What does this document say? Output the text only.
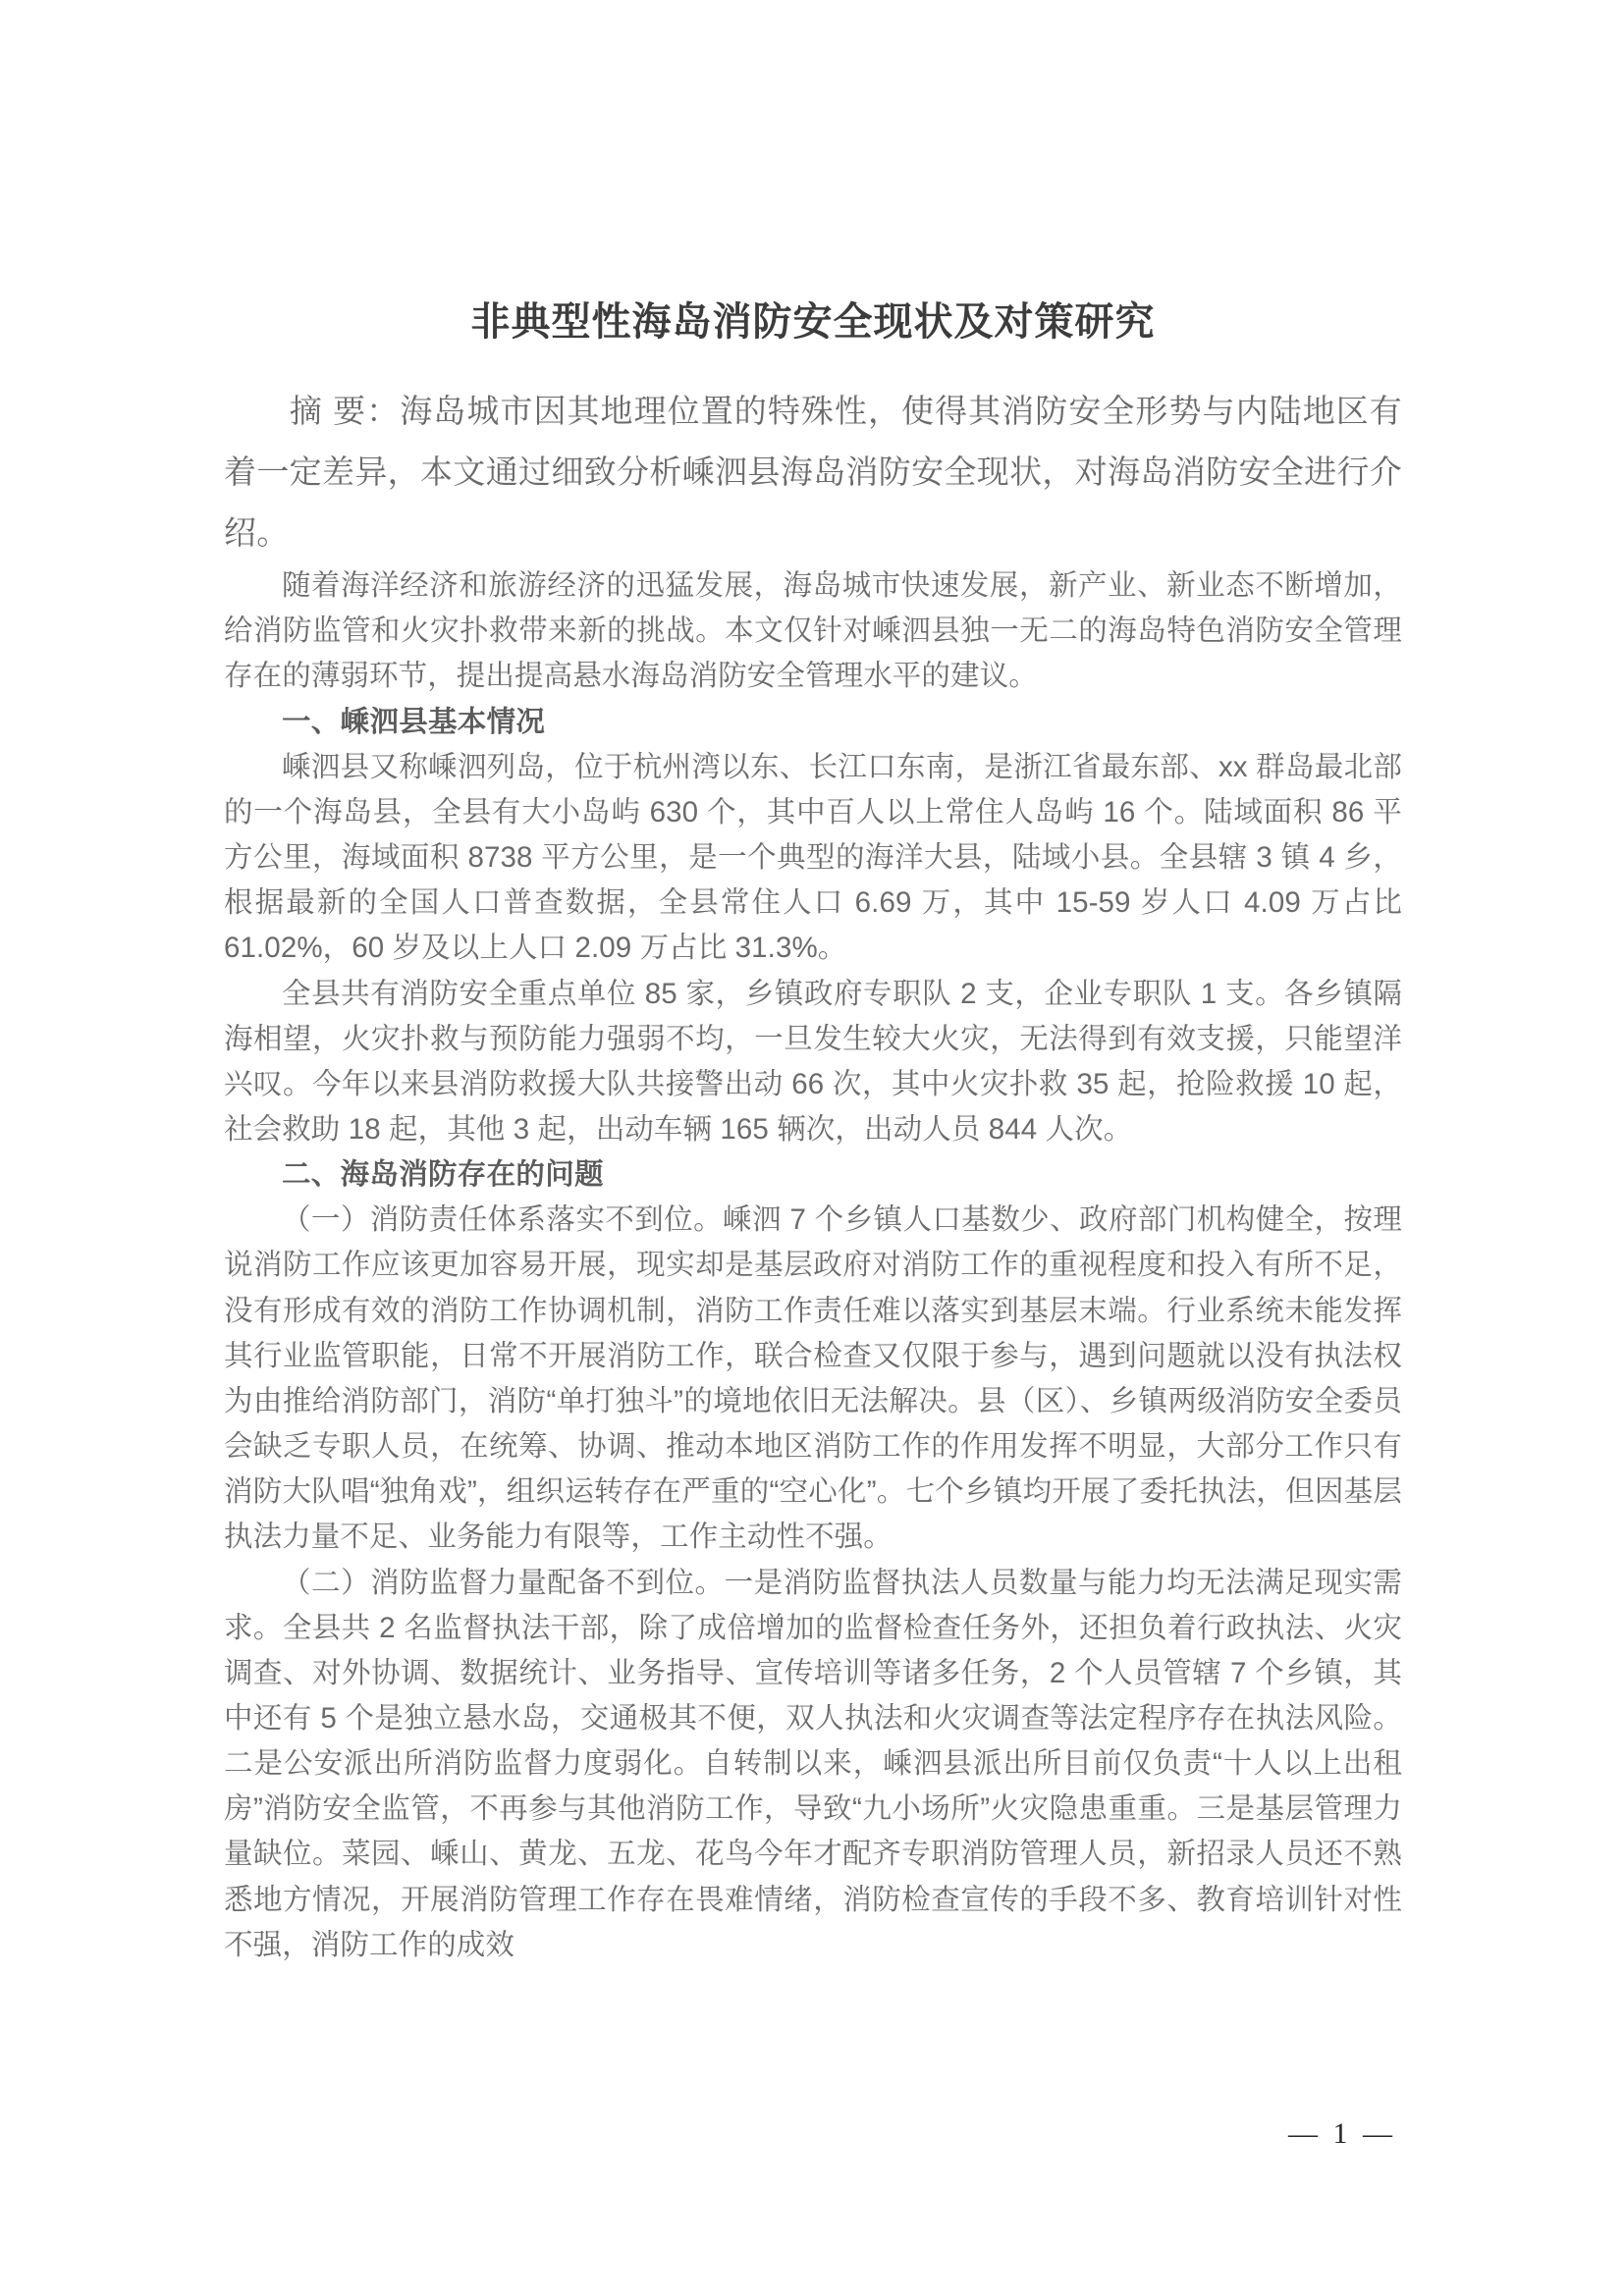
非典型性海岛消防安全现状及对策研究

摘 要：海岛城市因其地理位置的特殊性，使得其消防安全形势与内陆地区有着一定差异，本文通过细致分析嵊泗县海岛消防安全现状，对海岛消防安全进行介绍。

随着海洋经济和旅游经济的迅猛发展，海岛城市快速发展，新产业、新业态不断增加，给消防监管和火灾扑救带来新的挑战。本文仅针对嵊泗县独一无二的海岛特色消防安全管理存在的薄弱环节，提出提高悬水海岛消防安全管理水平的建议。

一、嵊泗县基本情况

嵊泗县又称嵊泗列岛，位于杭州湾以东、长江口东南，是浙江省最东部、xx 群岛最北部的一个海岛县，全县有大小岛屿 630 个，其中百人以上常住人岛屿 16 个。陆域面积 86 平方公里，海域面积 8738 平方公里，是一个典型的海洋大县，陆域小县。全县辖 3 镇 4 乡，根据最新的全国人口普查数据，全县常住人口 6.69 万，其中 15-59 岁人口 4.09 万占比 61.02%，60 岁及以上人口 2.09 万占比 31.3%。

全县共有消防安全重点单位 85 家，乡镇政府专职队 2 支，企业专职队 1 支。各乡镇隔海相望，火灾扑救与预防能力强弱不均，一旦发生较大火灾，无法得到有效支援，只能望洋兴叹。今年以来县消防救援大队共接警出动 66 次，其中火灾扑救 35 起，抢险救援 10 起，社会救助 18 起，其他 3 起，出动车辆 165 辆次，出动人员 844 人次。

二、海岛消防存在的问题

（一）消防责任体系落实不到位。嵊泗 7 个乡镇人口基数少、政府部门机构健全，按理说消防工作应该更加容易开展，现实却是基层政府对消防工作的重视程度和投入有所不足，没有形成有效的消防工作协调机制，消防工作责任难以落实到基层末端。行业系统未能发挥其行业监管职能，日常不开展消防工作，联合检查又仅限于参与，遇到问题就以没有执法权为由推给消防部门，消防“单打独斗”的境地依旧无法解决。县（区）、乡镇两级消防安全委员会缺乏专职人员，在统筹、协调、推动本地区消防工作的作用发挥不明显，大部分工作只有消防大队唱“独角戏”，组织运转存在严重的“空心化”。七个乡镇均开展了委托执法，但因基层执法力量不足、业务能力有限等，工作主动性不强。

（二）消防监督力量配备不到位。一是消防监督执法人员数量与能力均无法满足现实需求。全县共 2 名监督执法干部，除了成倍增加的监督检查任务外，还担负着行政执法、火灾调查、对外协调、数据统计、业务指导、宣传培训等诸多任务，2 个人员管辖 7 个乡镇，其中还有 5 个是独立悬水岛，交通极其不便，双人执法和火灾调查等法定程序存在执法风险。二是公安派出所消防监督力度弱化。自转制以来，嵊泗县派出所目前仅负责“十人以上出租房”消防安全监管，不再参与其他消防工作，导致“九小场所”火灾隐患重重。三是基层管理力量缺位。菜园、嵊山、黄龙、五龙、花鸟今年才配齐专职消防管理人员，新招录人员还不熟悉地方情况，开展消防管理工作存在畏难情绪，消防检查宣传的手段不多、教育培训针对性不强，消防工作的成效

— 1 —
